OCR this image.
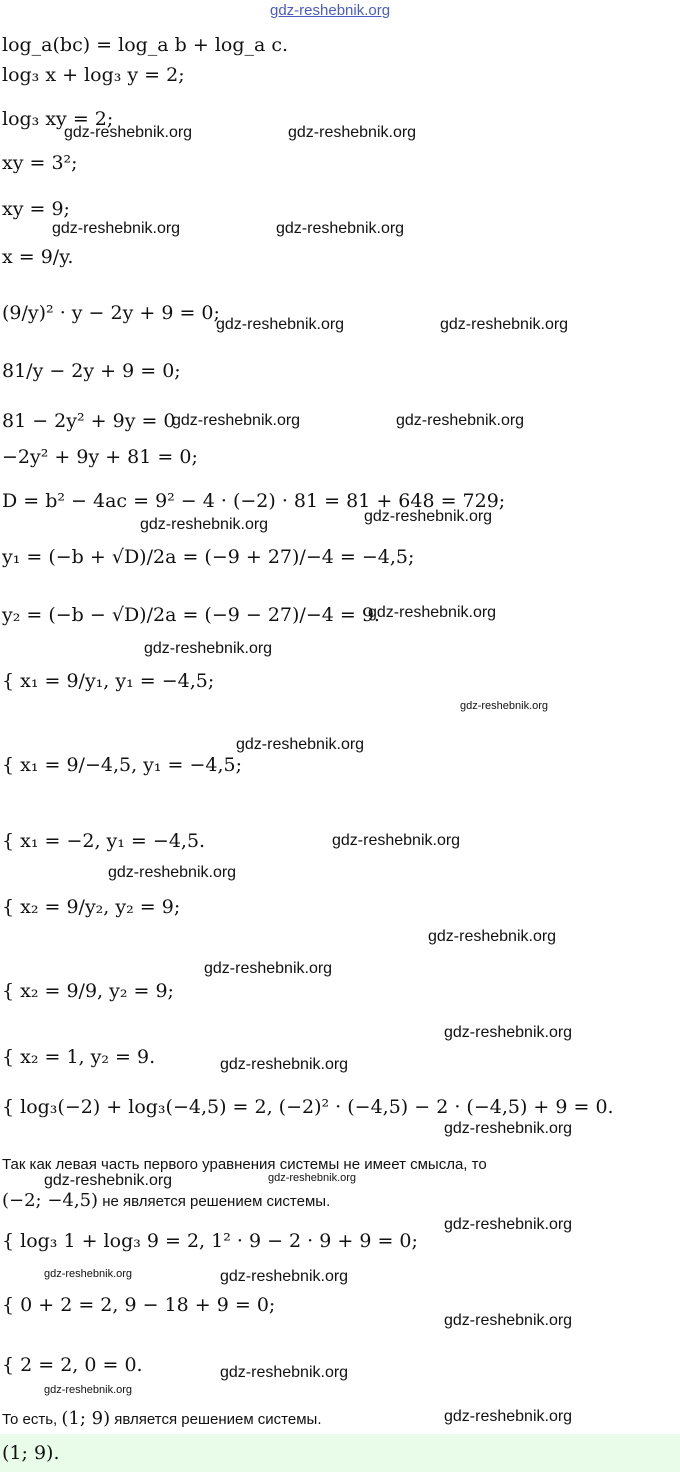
gdz-reshebnik.org
log_a(bc) = log_a b + log_a c.
log₃ x + log₃ y = 2;
log₃ xy = 2;
xy = 3²;
xy = 9;
x = 9/y.
(9/y)² · y − 2y + 9 = 0;
81/y − 2y + 9 = 0;
81 − 2y² + 9y = 0
−2y² + 9y + 81 = 0;
D = b² − 4ac = 9² − 4 · (−2) · 81 = 81 + 648 = 729;
y₁ = (−b + √D)/2a = (−9 + 27)/−4 = −4,5;
y₂ = (−b − √D)/2a = (−9 − 27)/−4 = 9.
{ x₁ = 9/y₁, y₁ = −4,5;
{ x₁ = 9/−4,5, y₁ = −4,5;
{ x₁ = −2, y₁ = −4,5.
{ x₂ = 9/y₂, y₂ = 9;
{ x₂ = 9/9, y₂ = 9;
{ x₂ = 1, y₂ = 9.
{ log₃(−2) + log₃(−4,5) = 2, (−2)² · (−4,5) − 2 · (−4,5) + 9 = 0.
Так как левая часть первого уравнения системы не имеет смысла, то
(−2; −4,5) не является решением системы.
{ log₃ 1 + log₃ 9 = 2, 1² · 9 − 2 · 9 + 9 = 0;
{ 0 + 2 = 2, 9 − 18 + 9 = 0;
{ 2 = 2, 0 = 0.
То есть, (1; 9) является решением системы.
(1; 9).
gdz-reshebnik.org	gdz-reshebnik.org
gdz-reshebnik.org	gdz-reshebnik.org
gdz-reshebnik.org	gdz-reshebnik.org
gdz-reshebnik.org	gdz-reshebnik.org
gdz-reshebnik.org	gdz-reshebnik.org
gdz-reshebnik.org
gdz-reshebnik.org
gdz-reshebnik.org
gdz-reshebnik.org
gdz-reshebnik.org
gdz-reshebnik.org
gdz-reshebnik.org
gdz-reshebnik.org
gdz-reshebnik.org
gdz-reshebnik.org
gdz-reshebnik.org
gdz-reshebnik.org	gdz-reshebnik.org
gdz-reshebnik.org
gdz-reshebnik.org	gdz-reshebnik.org
gdz-reshebnik.org
gdz-reshebnik.org
gdz-reshebnik.org
gdz-reshebnik.org
